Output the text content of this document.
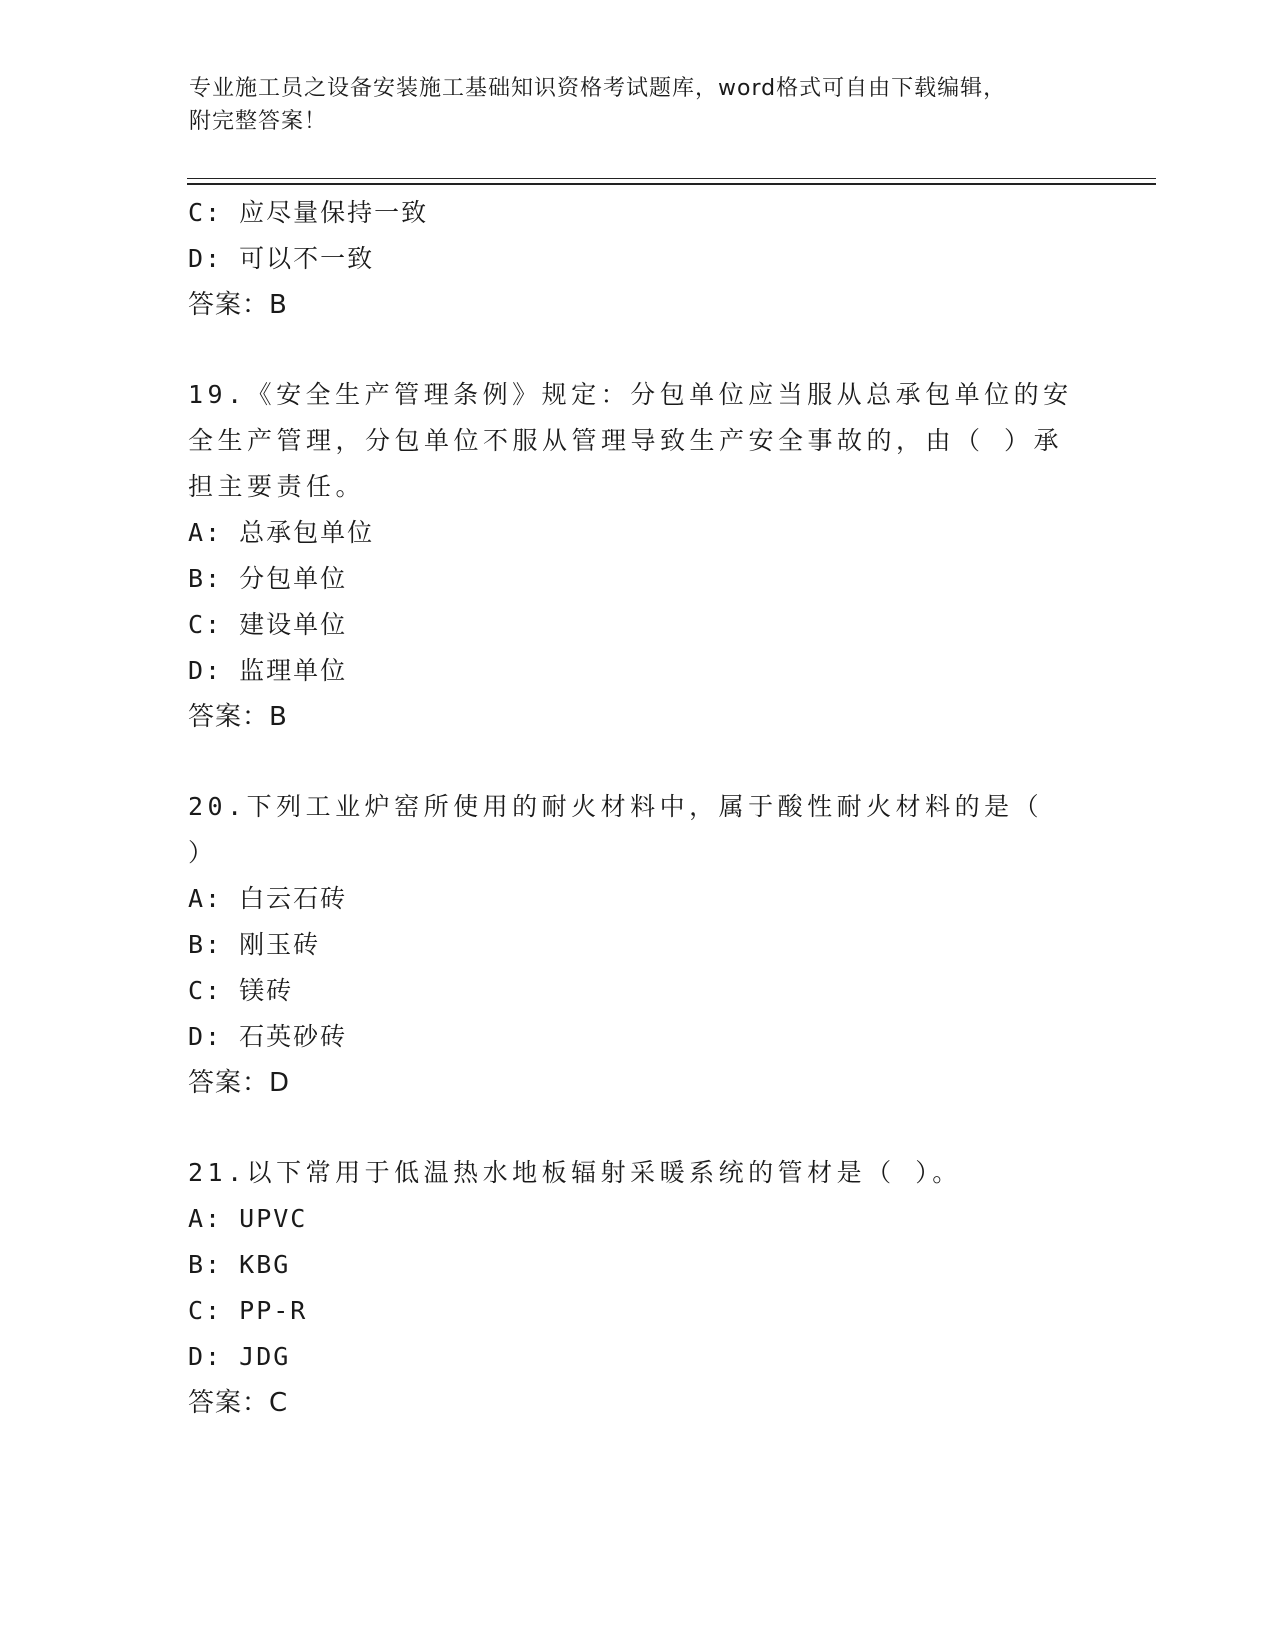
专业施工员之设备安装施工基础知识资格考试题库，word格式可自由下载编辑，
附完整答案！
C: 应尽量保持一致
D: 可以不一致
答案：B
19.《安全生产管理条例》规定：分包单位应当服从总承包单位的安全生产管理，分包单位不服从管理导致生产安全事故的，由（ ）承担主要责任。
A: 总承包单位
B: 分包单位
C: 建设单位
D: 监理单位
答案：B
20.下列工业炉窑所使用的耐火材料中，属于酸性耐火材料的是（ ）
A: 白云石砖
B: 刚玉砖
C: 镁砖
D: 石英砂砖
答案：D
21.以下常用于低温热水地板辐射采暖系统的管材是（ ）。
A: UPVC
B: KBG
C: PP-R
D: JDG
答案：C
